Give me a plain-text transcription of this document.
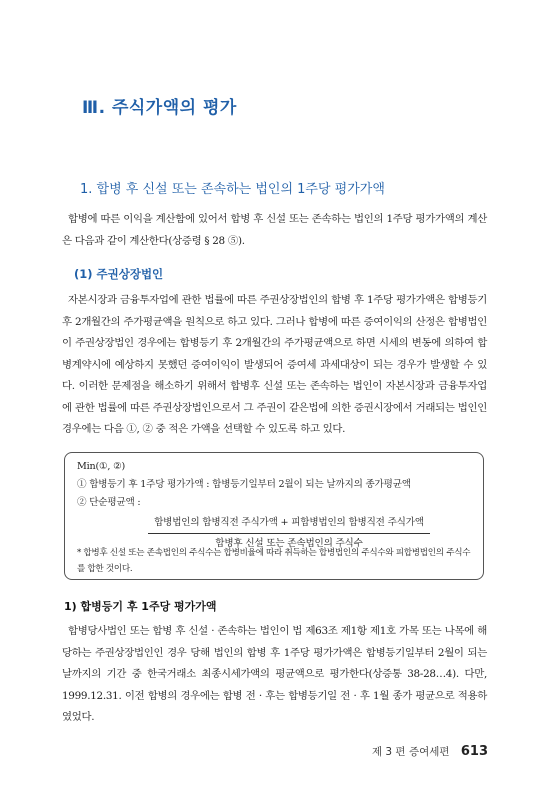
Ⅲ. 주식가액의 평가
1. 합병 후 신설 또는 존속하는 법인의 1주당 평가가액

합병에 따른 이익을 계산함에 있어서 합병 후 신설 또는 존속하는 법인의 1주당 평가가액의 계산은 다음과 같이 계산한다(상증령 § 28 ⑤).

(1) 주권상장법인

자본시장과 금융투자업에 관한 법률에 따른 주권상장법인의 합병 후 1주당 평가가액은 합병등기후 2개월간의 주가평균액을 원칙으로 하고 있다. 그러나 합병에 따른 증여이익의 산정은 합병법인이 주권상장법인 경우에는 합병등기 후 2개월간의 주가평균액으로 하면 시세의 변동에 의하여 합병계약시에 예상하지 못했던 증여이익이 발생되어 증여세 과세대상이 되는 경우가 발생할 수 있다. 이러한 문제점을 해소하기 위해서 합병후 신설 또는 존속하는 법인이 자본시장과 금융투자업에 관한 법률에 따른 주권상장법인으로서 그 주권이 같은법에 의한 증권시장에서 거래되는 법인인 경우에는 다음 ①, ② 중 적은 가액을 선택할 수 있도록 하고 있다.

Min(①, ②)
① 합병등기 후 1주당 평가가액 : 합병등기일부터 2월이 되는 날까지의 종가평균액
② 단순평균액 :
합병법인의 합병직전 주식가액 + 피합병법인의 합병직전 주식가액
합병후 신설 또는 존속법인의 주식수
* 합병후 신설 또는 존속법인의 주식수는 합병비율에 따라 취득하는 합병법인의 주식수와 피합병법인의 주식수를 합한 것이다.
1) 합병등기 후 1주당 평가가액

합병당사법인 또는 합병 후 신설 · 존속하는 법인이 법 제63조 제1항 제1호 가목 또는 나목에 해당하는 주권상장법인인 경우 당해 법인의 합병 후 1주당 평가가액은 합병등기일부터 2월이 되는 날까지의 기간 중 한국거래소 최종시세가액의 평균액으로 평가한다(상증통 38-28…4). 다만, 1999.12.31. 이전 합병의 경우에는 합병 전 · 후는 합병등기일 전 · 후 1월 종가 평균으로 적용하였었다.

제 3 편 증여세편 613
